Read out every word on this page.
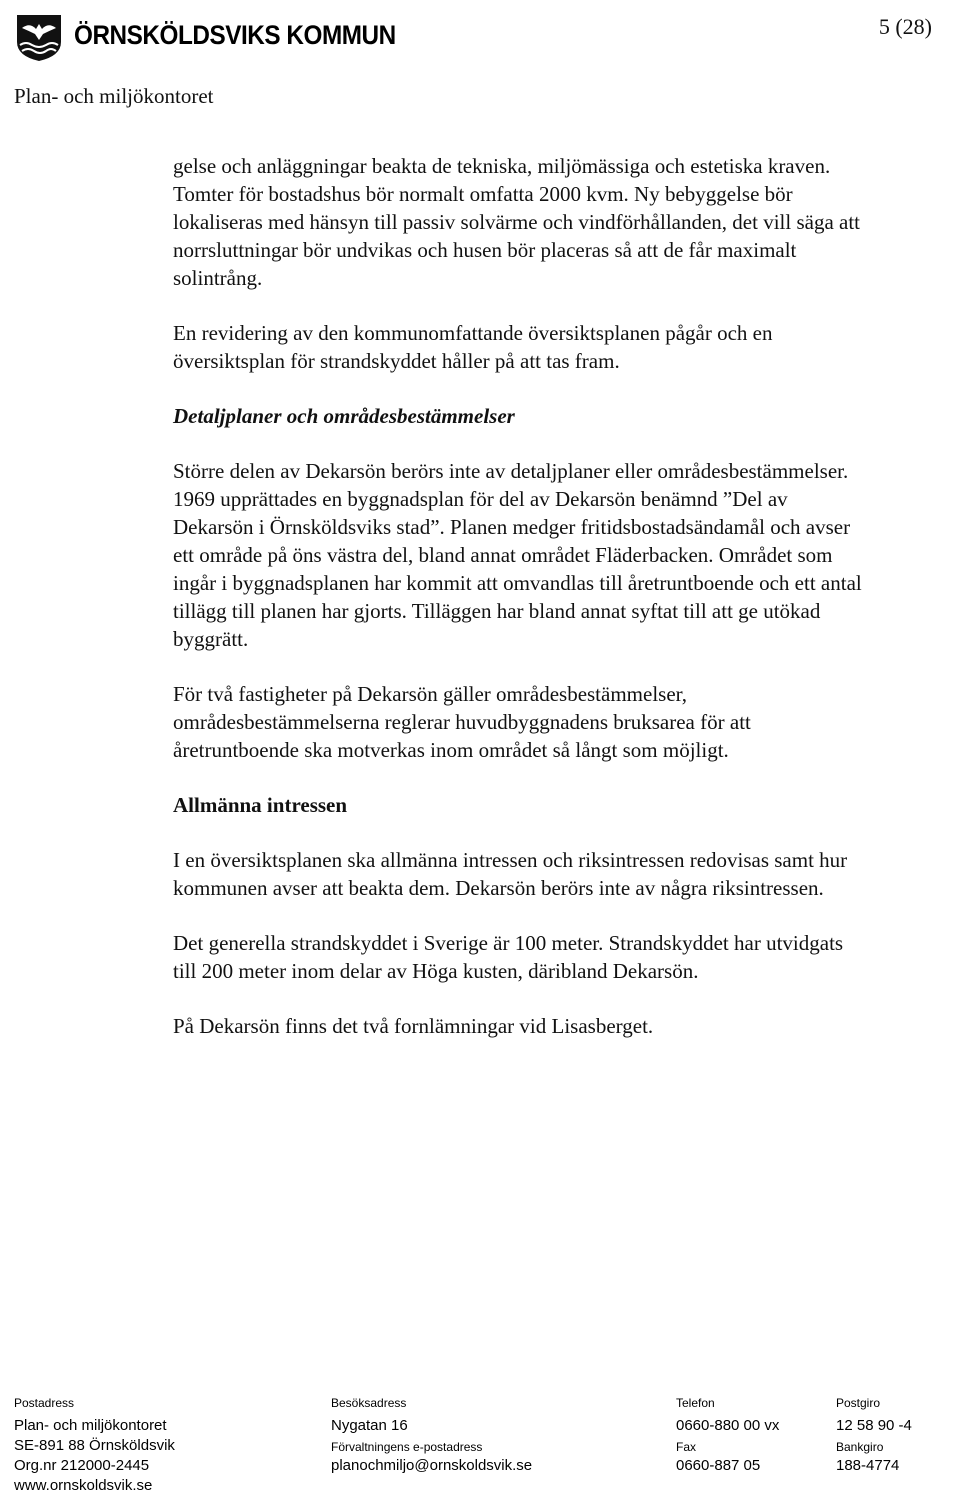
ÖRNSKÖLDSVIKS KOMMUN	5 (28)
Plan- och miljökontoret

gelse och anläggningar beakta de tekniska, miljömässiga och estetiska kraven. Tomter för bostadshus bör normalt omfatta 2000 kvm. Ny bebyggelse bör lokaliseras med hänsyn till passiv solvärme och vindförhållanden, det vill säga att norrsluttningar bör undvikas och husen bör placeras så att de får maximalt solintrång.

En revidering av den kommunomfattande översiktsplanen pågår och en översiktsplan för strandskyddet håller på att tas fram.

Detaljplaner och områdesbestämmelser

Större delen av Dekarsön berörs inte av detaljplaner eller områdesbestämmelser. 1969 upprättades en byggnadsplan för del av Dekarsön benämnd ”Del av Dekarsön i Örnsköldsviks stad”. Planen medger fritidsbostadsändamål och avser ett område på öns västra del, bland annat området Fläderbacken. Området som ingår i byggnadsplanen har kommit att omvandlas till åretruntboende och ett antal tillägg till planen har gjorts. Tilläggen har bland annat syftat till att ge utökad byggrätt.

För två fastigheter på Dekarsön gäller områdesbestämmelser, områdesbestämmelserna reglerar huvudbyggnadens bruksarea för att åretruntboende ska motverkas inom området så långt som möjligt.

Allmänna intressen

I en översiktsplanen ska allmänna intressen och riksintressen redovisas samt hur kommunen avser att beakta dem. Dekarsön berörs inte av några riksintressen.

Det generella strandskyddet i Sverige är 100 meter. Strandskyddet har utvidgats till 200 meter inom delar av Höga kusten, däribland Dekarsön.

På Dekarsön finns det två fornlämningar vid Lisasberget.

Postadress	Besöksadress	Telefon	Postgiro
Plan- och miljökontoret	Nygatan 16	0660-880 00 vx	12 58 90 -4
SE-891 88 Örnsköldsvik	Förvaltningens e-postadress	Fax	Bankgiro
Org.nr 212000-2445	planochmiljo@ornskoldsvik.se	0660-887 05	188-4774
www.ornskoldsvik.se
